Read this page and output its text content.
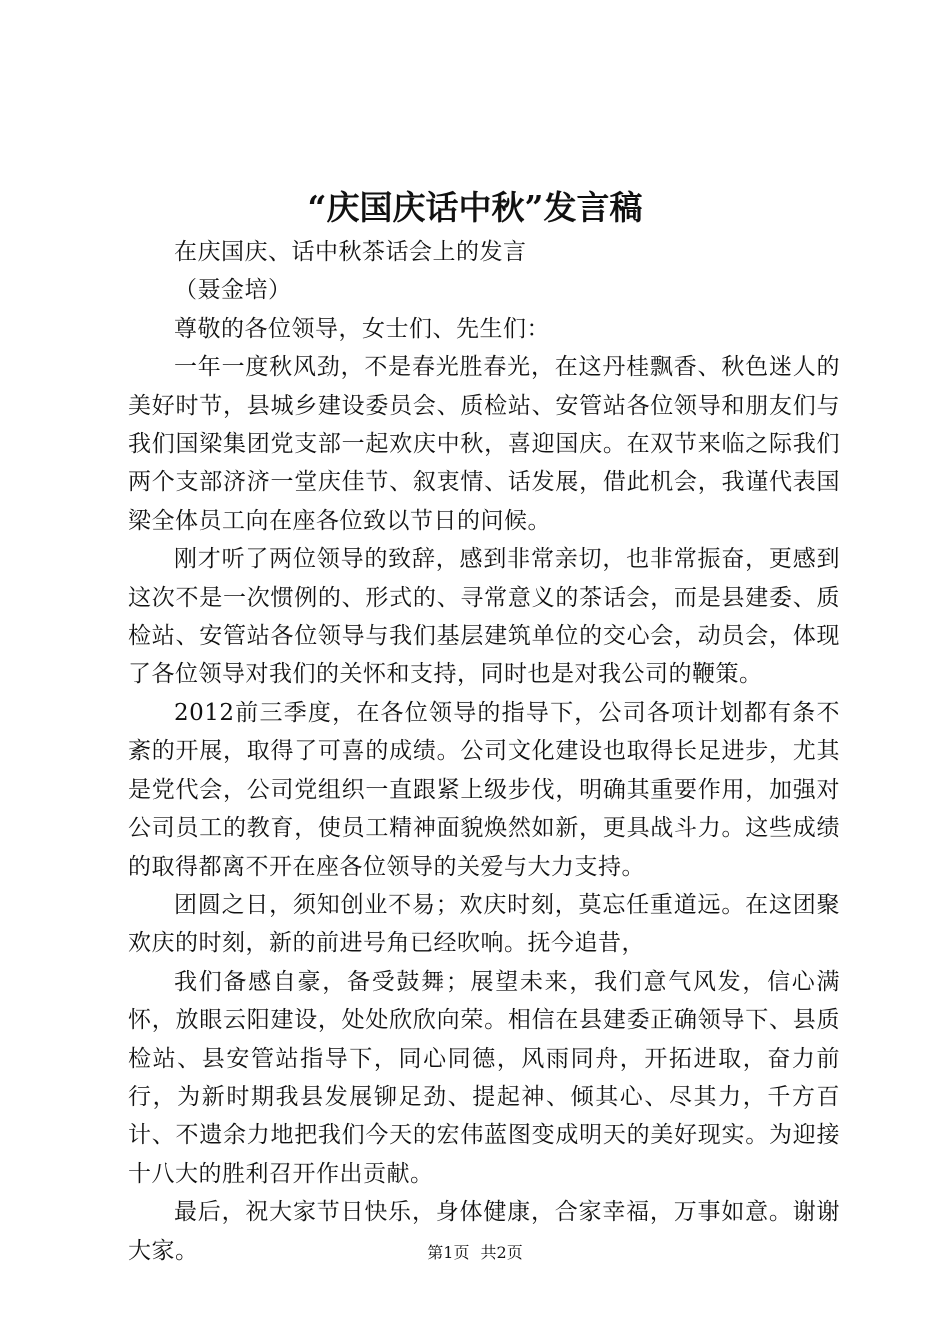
“庆国庆话中秋”发言稿

在庆国庆、话中秋茶话会上的发言

（聂金培）

尊敬的各位领导，女士们、先生们：

一年一度秋风劲，不是春光胜春光，在这丹桂飘香、秋色迷人的美好时节，县城乡建设委员会、质检站、安管站各位领导和朋友们与我们国梁集团党支部一起欢庆中秋，喜迎国庆。在双节来临之际我们两个支部济济一堂庆佳节、叙衷情、话发展，借此机会，我谨代表国梁全体员工向在座各位致以节日的问候。

刚才听了两位领导的致辞，感到非常亲切，也非常振奋，更感到这次不是一次惯例的、形式的、寻常意义的茶话会，而是县建委、质检站、安管站各位领导与我们基层建筑单位的交心会，动员会，体现了各位领导对我们的关怀和支持，同时也是对我公司的鞭策。

2012前三季度，在各位领导的指导下，公司各项计划都有条不紊的开展，取得了可喜的成绩。公司文化建设也取得长足进步，尤其是党代会，公司党组织一直跟紧上级步伐，明确其重要作用，加强对公司员工的教育，使员工精神面貌焕然如新，更具战斗力。这些成绩的取得都离不开在座各位领导的关爱与大力支持。

团圆之日，须知创业不易；欢庆时刻，莫忘任重道远。在这团聚欢庆的时刻，新的前进号角已经吹响。抚今追昔，

我们备感自豪，备受鼓舞；展望未来，我们意气风发，信心满怀，放眼云阳建设，处处欣欣向荣。相信在县建委正确领导下、县质检站、县安管站指导下，同心同德，风雨同舟，开拓进取，奋力前行，为新时期我县发展铆足劲、提起神、倾其心、尽其力，千方百计、不遗余力地把我们今天的宏伟蓝图变成明天的美好现实。为迎接十八大的胜利召开作出贡献。

最后，祝大家节日快乐，身体健康，合家幸福，万事如意。谢谢大家。	第1页 共2页
